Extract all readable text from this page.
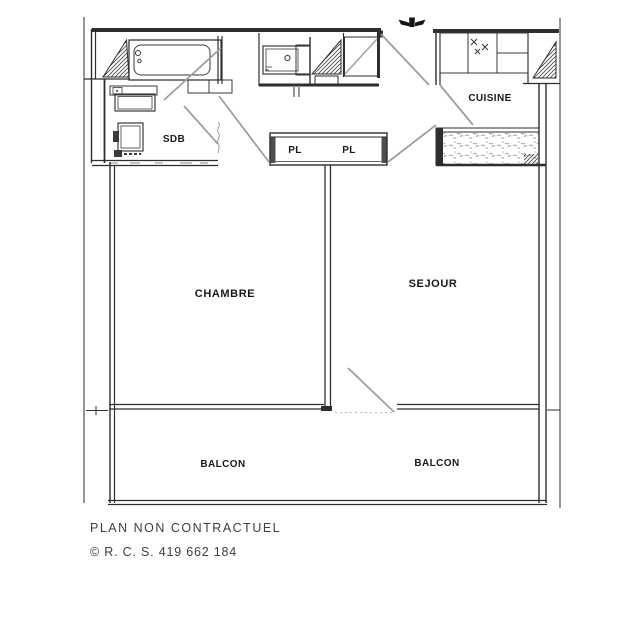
SDB
CUISINE
PL	PL
CHAMBRE
SEJOUR
BALCON	BALCON
PLAN NON CONTRACTUEL
© R. C. S. 419 662 184
